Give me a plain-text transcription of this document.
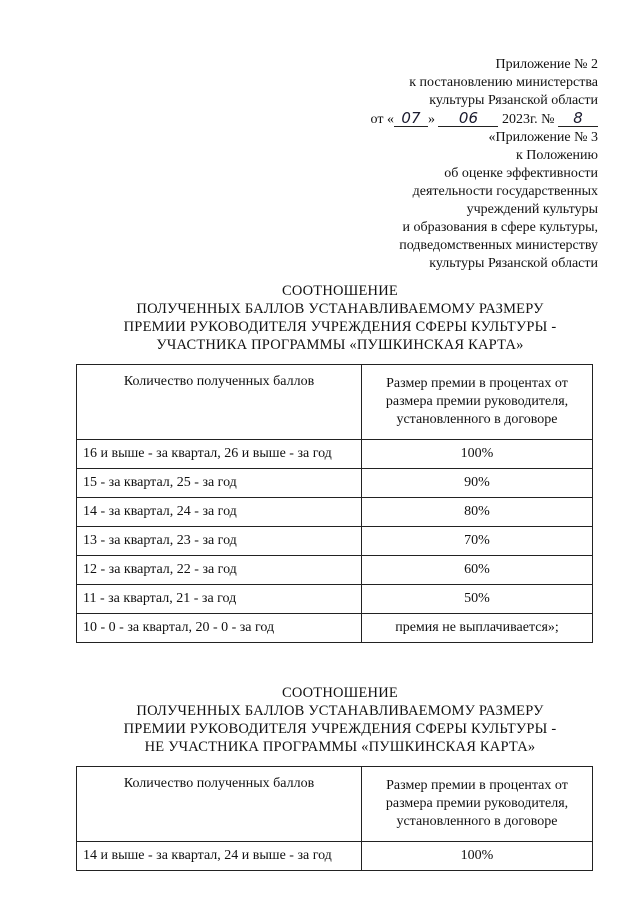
Приложение № 2
к постановлению министерства
культуры Рязанской области
от « 07 » 06 2023г. № 8
«Приложение № 3
к Положению
об оценке эффективности
деятельности государственных
учреждений культуры
и образования в сфере культуры,
подведомственных министерству
культуры Рязанской области
СООТНОШЕНИЕ
ПОЛУЧЕННЫХ БАЛЛОВ УСТАНАВЛИВАЕМОМУ РАЗМЕРУ
ПРЕМИИ РУКОВОДИТЕЛЯ УЧРЕЖДЕНИЯ СФЕРЫ КУЛЬТУРЫ -
УЧАСТНИКА ПРОГРАММЫ «ПУШКИНСКАЯ КАРТА»
Количество полученных баллов	Размер премии в процентах от
размера премии руководителя,
установленного в договоре

16 и выше - за квартал, 26 и выше - за год	100%
15 - за квартал, 25 - за год	90%
14 - за квартал, 24 - за год	80%
13 - за квартал, 23 - за год	70%
12 - за квартал, 22 - за год	60%
11 - за квартал, 21 - за год	50%
10 - 0 - за квартал, 20 - 0 - за год	премия не выплачивается»;
СООТНОШЕНИЕ
ПОЛУЧЕННЫХ БАЛЛОВ УСТАНАВЛИВАЕМОМУ РАЗМЕРУ
ПРЕМИИ РУКОВОДИТЕЛЯ УЧРЕЖДЕНИЯ СФЕРЫ КУЛЬТУРЫ -
НЕ УЧАСТНИКА ПРОГРАММЫ «ПУШКИНСКАЯ КАРТА»
Количество полученных баллов	Размер премии в процентах от
размера премии руководителя,
установленного в договоре

14 и выше - за квартал, 24 и выше - за год	100%
